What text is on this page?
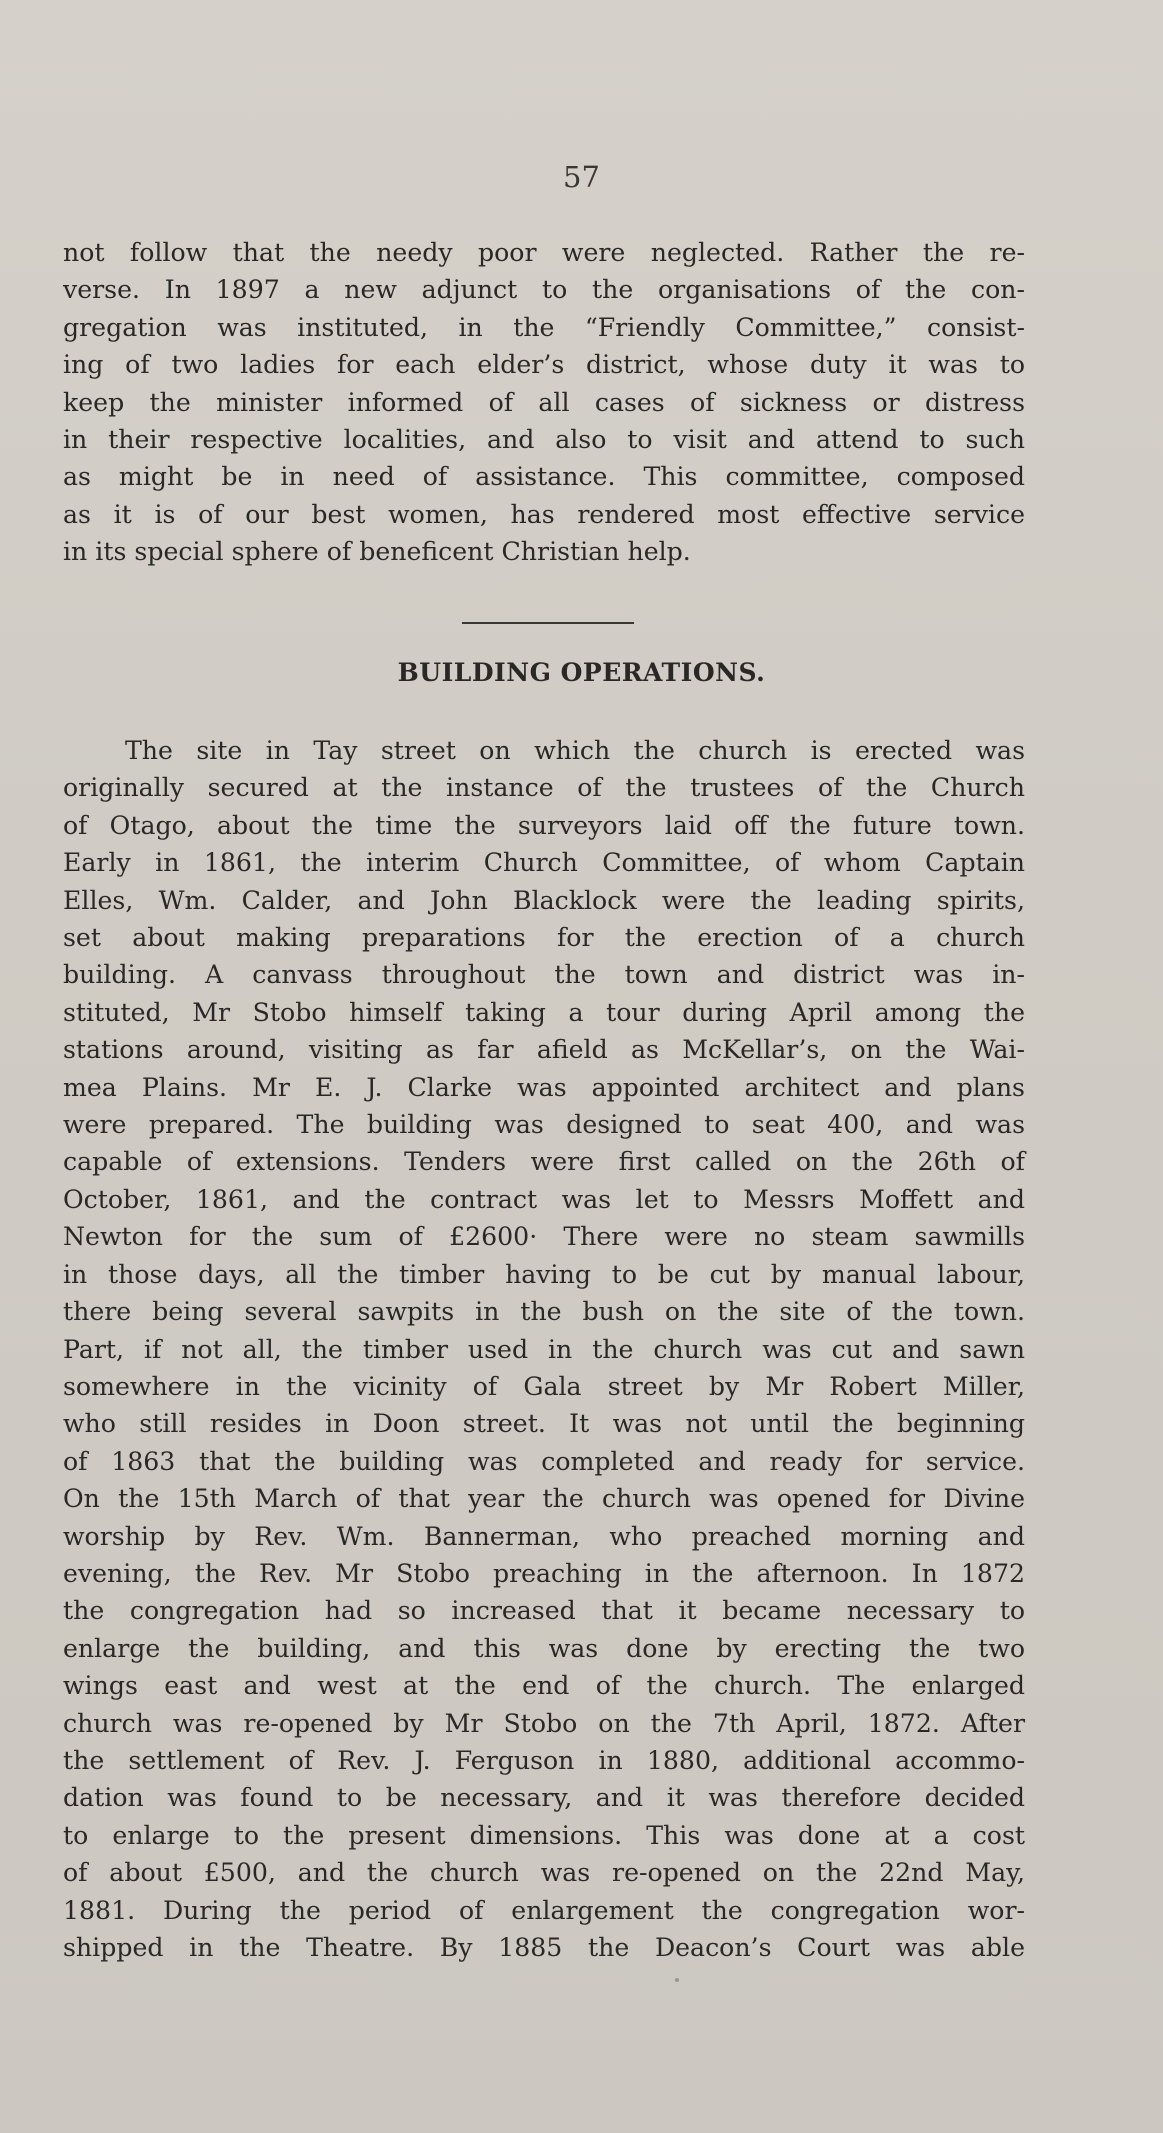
57
not follow that the needy poor were neglected. Rather the re-
verse. In 1897 a new adjunct to the organisations of the con-
gregation was instituted, in the “Friendly Committee,” consist-
ing of two ladies for each elder’s district, whose duty it was to
keep the minister informed of all cases of sickness or distress
in their respective localities, and also to visit and attend to such
as might be in need of assistance. This committee, composed
as it is of our best women, has rendered most effective service
in its special sphere of beneficent Christian help.
BUILDING OPERATIONS.
The site in Tay street on which the church is erected was
originally secured at the instance of the trustees of the Church
of Otago, about the time the surveyors laid off the future town.
Early in 1861, the interim Church Committee, of whom Captain
Elles, Wm. Calder, and John Blacklock were the leading spirits,
set about making preparations for the erection of a church
building. A canvass throughout the town and district was in-
stituted, Mr Stobo himself taking a tour during April among the
stations around, visiting as far afield as McKellar’s, on the Wai-
mea Plains. Mr E. J. Clarke was appointed architect and plans
were prepared. The building was designed to seat 400, and was
capable of extensions. Tenders were first called on the 26th of
October, 1861, and the contract was let to Messrs Moffett and
Newton for the sum of £2600· There were no steam sawmills
in those days, all the timber having to be cut by manual labour,
there being several sawpits in the bush on the site of the town.
Part, if not all, the timber used in the church was cut and sawn
somewhere in the vicinity of Gala street by Mr Robert Miller,
who still resides in Doon street. It was not until the beginning
of 1863 that the building was completed and ready for service.
On the 15th March of that year the church was opened for Divine
worship by Rev. Wm. Bannerman, who preached morning and
evening, the Rev. Mr Stobo preaching in the afternoon. In 1872
the congregation had so increased that it became necessary to
enlarge the building, and this was done by erecting the two
wings east and west at the end of the church. The enlarged
church was re-opened by Mr Stobo on the 7th April, 1872. After
the settlement of Rev. J. Ferguson in 1880, additional accommo-
dation was found to be necessary, and it was therefore decided
to enlarge to the present dimensions. This was done at a cost
of about £500, and the church was re-opened on the 22nd May,
1881. During the period of enlargement the congregation wor-
shipped in the Theatre. By 1885 the Deacon’s Court was able
